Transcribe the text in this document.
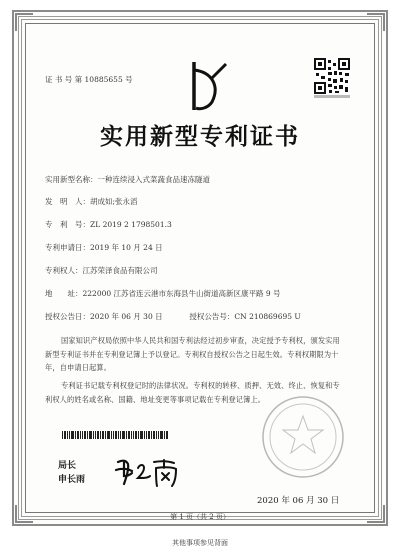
证 书 号 第 10885655 号
实用新型专利证书
实用新型名称：一种连续浸入式菜蔬食品速冻隧道
发　明　人：胡成如;张永滔
专　利　号：ZL 2019 2 1798501.3
专利申请日：2019 年 10 月 24 日
专利权人：江苏荣泽食品有限公司
地　　址：222000 江苏省连云港市东海县牛山街道高新区康平路 9 号
授权公告日：2020 年 06 月 30 日	授权公告号：CN 210869695 U
国家知识产权局依照中华人民共和国专利法经过初步审查，决定授予专利权，颁发实用
新型专利证书并在专利登记簿上予以登记。专利权自授权公告之日起生效。专利权期限为十
年，自申请日起算。
专利证书记载专利权登记时的法律状况。专利权的转移、质押、无效、终止、恢复和专
利权人的姓名或名称、国籍、地址变更等事项记载在专利登记簿上。
局长
申长雨
2020 年 06 月 30 日
第 1 页（共 2 页）
其他事项参见背面
